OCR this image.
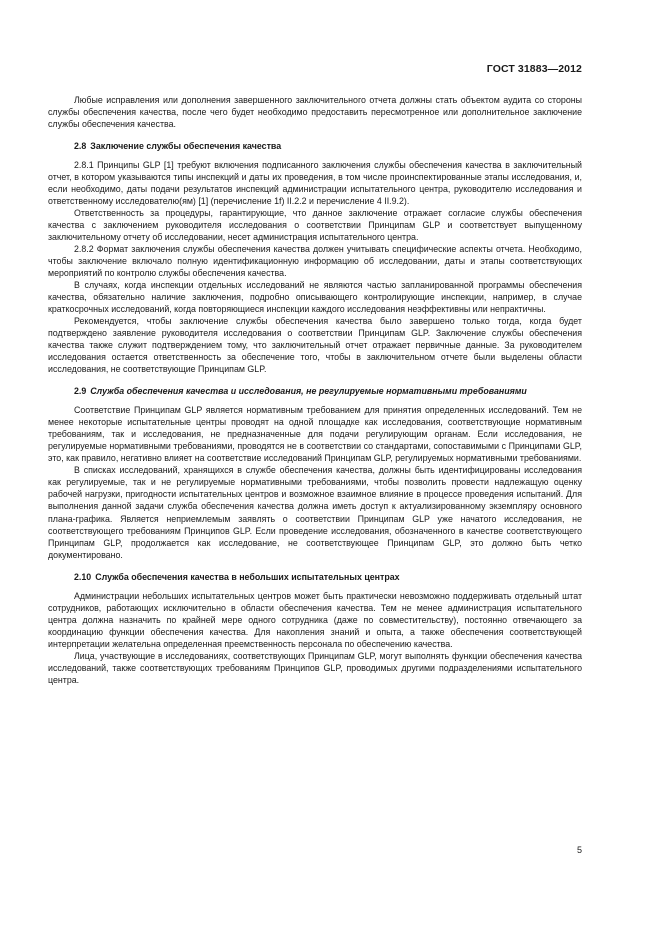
ГОСТ 31883—2012

Любые исправления или дополнения завершенного заключительного отчета должны стать объектом аудита со стороны службы обеспечения качества, после чего будет необходимо предоставить пересмотренное или дополнительное заключение службы обеспечения качества.

2.8 Заключение службы обеспечения качества

2.8.1 Принципы GLP [1] требуют включения подписанного заключения службы обеспечения качества в заключительный отчет, в котором указываются типы инспекций и даты их проведения, в том числе проинспектированные этапы исследования, и, если необходимо, даты подачи результатов инспекций администрации испытательного центра, руководителю исследования и ответственному исследователю(ям) [1] (перечисление 1f) II.2.2 и перечисление 4 II.9.2).

Ответственность за процедуры, гарантирующие, что данное заключение отражает согласие службы обеспечения качества с заключением руководителя исследования о соответствии Принципам GLP и соответствует выпущенному заключительному отчету об исследовании, несет администрация испытательного центра.

2.8.2 Формат заключения службы обеспечения качества должен учитывать специфические аспекты отчета. Необходимо, чтобы заключение включало полную идентификационную информацию об исследовании, даты и этапы соответствующих мероприятий по контролю службы обеспечения качества.

В случаях, когда инспекции отдельных исследований не являются частью запланированной программы обеспечения качества, обязательно наличие заключения, подробно описывающего контролирующие инспекции, например, в случае краткосрочных исследований, когда повторяющиеся инспекции каждого исследования неэффективны или непрактичны.

Рекомендуется, чтобы заключение службы обеспечения качества было завершено только тогда, когда будет подтверждено заявление руководителя исследования о соответствии Принципам GLP. Заключение службы обеспечения качества также служит подтверждением тому, что заключительный отчет отражает первичные данные. За руководителем исследования остается ответственность за обеспечение того, чтобы в заключительном отчете были выделены области исследования, не соответствующие Принципам GLP.

2.9 Служба обеспечения качества и исследования, не регулируемые нормативными требованиями

Соответствие Принципам GLP является нормативным требованием для принятия определенных исследований. Тем не менее некоторые испытательные центры проводят на одной площадке как исследования, соответствующие нормативным требованиям, так и исследования, не предназначенные для подачи регулирующим органам. Если исследования, не регулируемые нормативными требованиями, проводятся не в соответствии со стандартами, сопоставимыми с Принципами GLP, это, как правило, негативно влияет на соответствие исследований Принципам GLP, регулируемых нормативными требованиями.

В списках исследований, хранящихся в службе обеспечения качества, должны быть идентифицированы исследования как регулируемые, так и не регулируемые нормативными требованиями, чтобы позволить провести надлежащую оценку рабочей нагрузки, пригодности испытательных центров и возможное взаимное влияние в процессе проведения испытаний. Для выполнения данной задачи служба обеспечения качества должна иметь доступ к актуализированному экземпляру основного плана-графика. Является неприемлемым заявлять о соответствии Принципам GLP уже начатого исследования, не соответствующего требованиям Принципов GLP. Если проведение исследования, обозначенного в качестве соответствующего Принципам GLP, продолжается как исследование, не соответствующее Принципам GLP, это должно быть четко документировано.

2.10 Служба обеспечения качества в небольших испытательных центрах

Администрации небольших испытательных центров может быть практически невозможно поддерживать отдельный штат сотрудников, работающих исключительно в области обеспечения качества. Тем не менее администрация испытательного центра должна назначить по крайней мере одного сотрудника (даже по совместительству), постоянно отвечающего за координацию функции обеспечения качества. Для накопления знаний и опыта, а также обеспечения соответствующей интерпретации желательна определенная преемственность персонала по обеспечению качества.

Лица, участвующие в исследованиях, соответствующих Принципам GLP, могут выполнять функции обеспечения качества исследований, также соответствующих требованиям Принципов GLP, проводимых другими подразделениями испытательного центра.

5
